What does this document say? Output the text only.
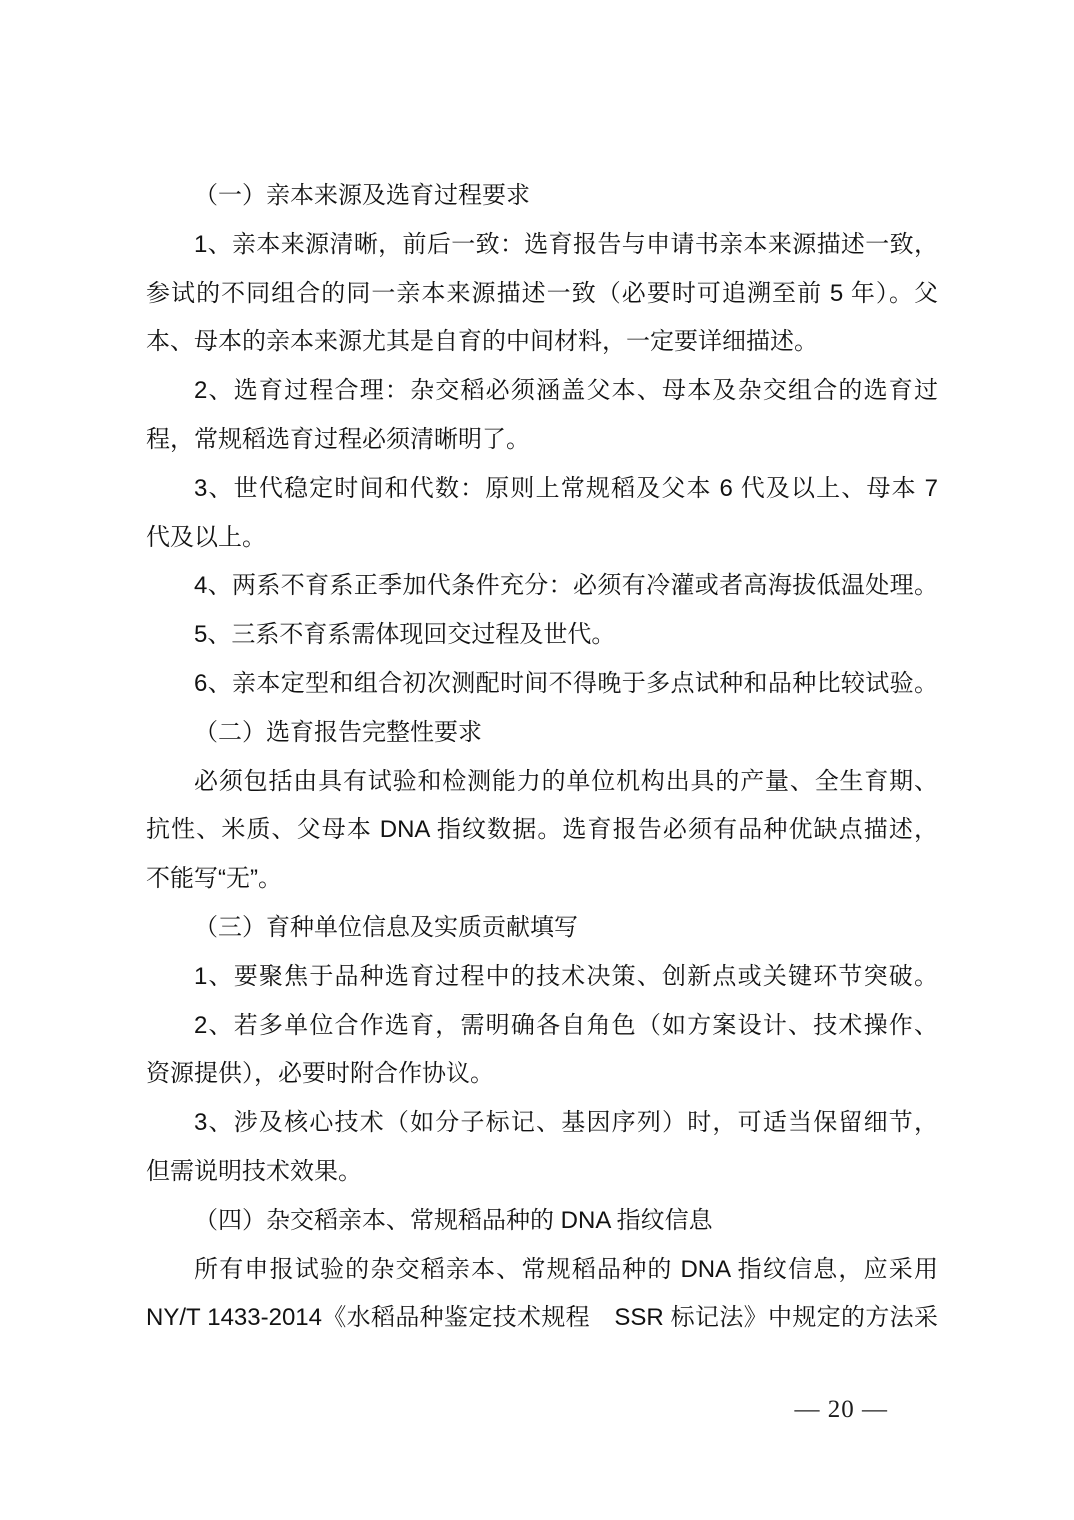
（一）亲本来源及选育过程要求
1、亲本来源清晰，前后一致：选育报告与申请书亲本来源描述一致，
参试的不同组合的同一亲本来源描述一致（必要时可追溯至前 5 年）。父
本、母本的亲本来源尤其是自育的中间材料，一定要详细描述。
2、选育过程合理：杂交稻必须涵盖父本、母本及杂交组合的选育过
程，常规稻选育过程必须清晰明了。
3、世代稳定时间和代数：原则上常规稻及父本 6 代及以上、母本 7
代及以上。
4、两系不育系正季加代条件充分：必须有冷灌或者高海拔低温处理。
5、三系不育系需体现回交过程及世代。
6、亲本定型和组合初次测配时间不得晚于多点试种和品种比较试验。
（二）选育报告完整性要求
必须包括由具有试验和检测能力的单位机构出具的产量、全生育期、
抗性、米质、父母本 DNA 指纹数据。选育报告必须有品种优缺点描述，
不能写“无”。
（三）育种单位信息及实质贡献填写
1、要聚焦于品种选育过程中的技术决策、创新点或关键环节突破。
2、若多单位合作选育，需明确各自角色（如方案设计、技术操作、
资源提供），必要时附合作协议。
3、涉及核心技术（如分子标记、基因序列）时，可适当保留细节，
但需说明技术效果。
（四）杂交稻亲本、常规稻品种的 DNA 指纹信息
所有申报试验的杂交稻亲本、常规稻品种的 DNA 指纹信息，应采用
NY/T 1433-2014《水稻品种鉴定技术规程　SSR 标记法》中规定的方法采
— 20 —
